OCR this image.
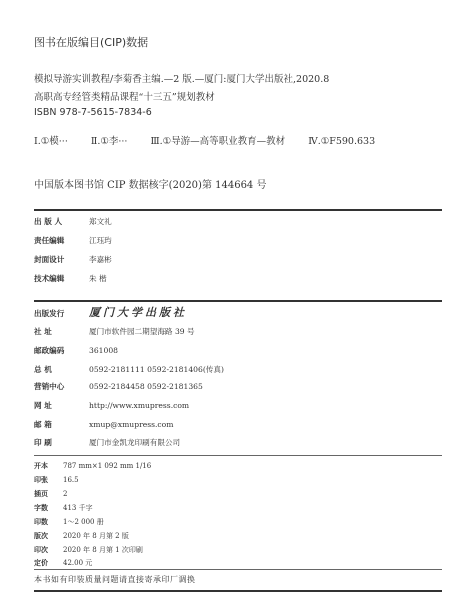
图书在版编目(CIP)数据
模拟导游实训教程/李菊香主编.—2 版.—厦门:厦门大学出版社,2020.8
高职高专经管类精品课程“十三五”规划教材
ISBN 978-7-5615-7834-6
Ⅰ.①模··· Ⅱ.①李··· Ⅲ.①导游—高等职业教育—教材 Ⅳ.①F590.633
中国版本图书馆 CIP 数据核字(2020)第 144664 号
出 版 人	郑文礼
责任编辑	江珏玙
封面设计	李嘉彬
技术编辑	朱 楷
出版发行 厦门大学出版社
社 址	厦门市软件园二期望海路 39 号
邮政编码	361008
总 机	0592-2181111 0592-2181406(传真)
营销中心	0592-2184458 0592-2181365
网 址	http://www.xmupress.com
邮 箱	xmup@xmupress.com
印 刷	厦门市金凯龙印刷有限公司
开本 787 mm×1 092 mm 1/16
印张 16.5
插页 2
字数 413 千字
印数 1～2 000 册
版次 2020 年 8 月第 2 版
印次 2020 年 8 月第 1 次印刷
定价 42.00 元
本书如有印装质量问题请直接寄承印厂调换
